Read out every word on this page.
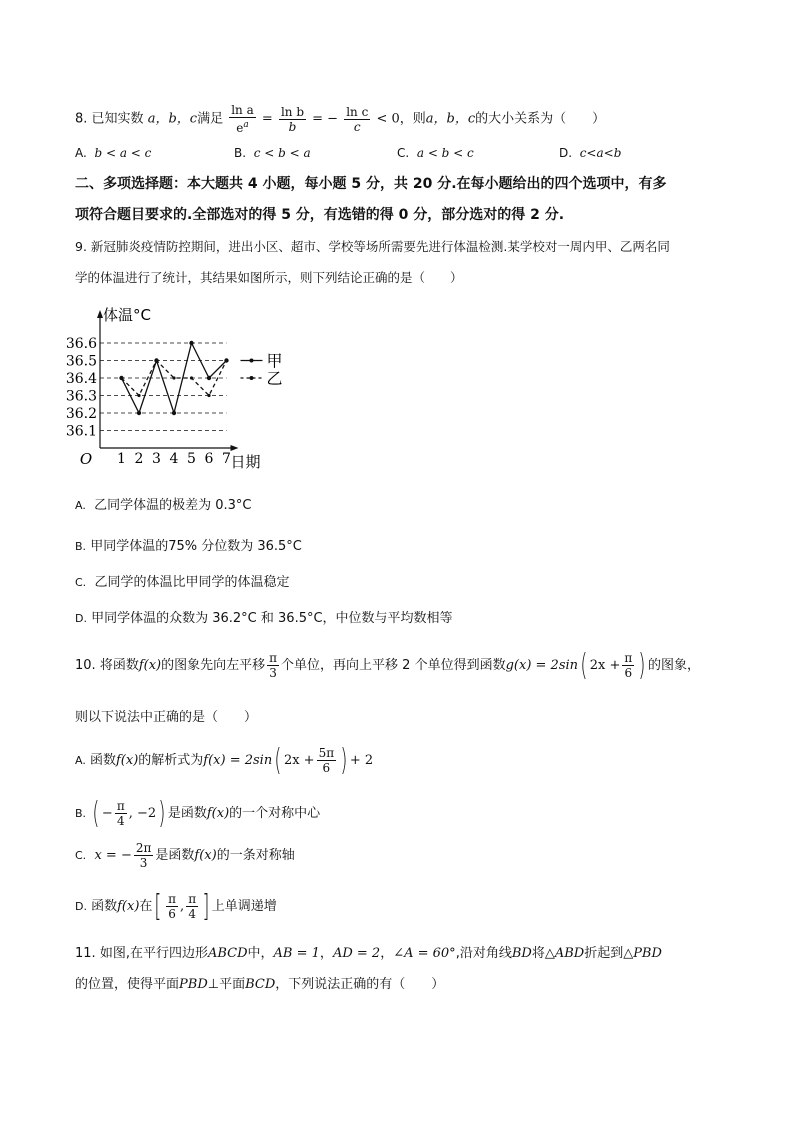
8. 已知实数 a，b，c满足 $\frac{\text{ln a}}{e^a} = \frac{\text{ln b}}{b}$ = − $\frac{\text{ln c}}{c} < 0$，则a，b，c的大小关系为（　　）
A. b < a < c	B. c < b < a	C. a < b < c	D. c<a<b
二、多项选择题：本大题共 4 小题，每小题 5 分，共 20 分.在每小题给出的四个选项中，有多
项符合题目要求的.全部选对的得 5 分，有选错的得 0 分，部分选对的得 2 分.
9. 新冠肺炎疫情防控期间，进出小区、超市、学校等场所需要先进行体温检测.某学校对一周内甲、乙两名同
学的体温进行了统计，其结果如图所示，则下列结论正确的是（　　）
36.1
36.2
36.3
36.4
36.5
36.6
1 2 3 4 5 6 7
O
体温°C
日期
甲
乙
A. 乙同学体温的极差为 0.3°C
B. 甲同学体温的75% 分位数为 36.5°C
C. 乙同学的体温比甲同学的体温稳定
D. 甲同学体温的众数为 36.2°C 和 36.5°C，中位数与平均数相等
10. 将函数f(x)的图象先向左平移 $\frac{\pi}{3}$ 个单位，再向上平移 2 个单位得到函数g(x) = 2sin( $2x + \frac{\pi}{6}$ ) 的图象，
则以下说法中正确的是（　　）
A. 函数f(x)的解析式为f(x) = 2sin( $2x + \frac{5\pi}{6}$ ) + 2
B. ( − $\frac{\pi}{4}$ , −2) 是函数f(x)的一个对称中心
C. x = − $\frac{2\pi}{3}$ 是函数f(x)的一条对称轴
D. 函数f(x)在[ $\frac{\pi}{6}$ , $\frac{\pi}{4}$ ] 上单调递增
11. 如图,在平行四边形ABCD中，AB = 1，AD = 2，∠A = 60°,沿对角线BD将△ABD折起到△PBD
的位置，使得平面PBD⊥平面BCD，下列说法正确的有（　　）
